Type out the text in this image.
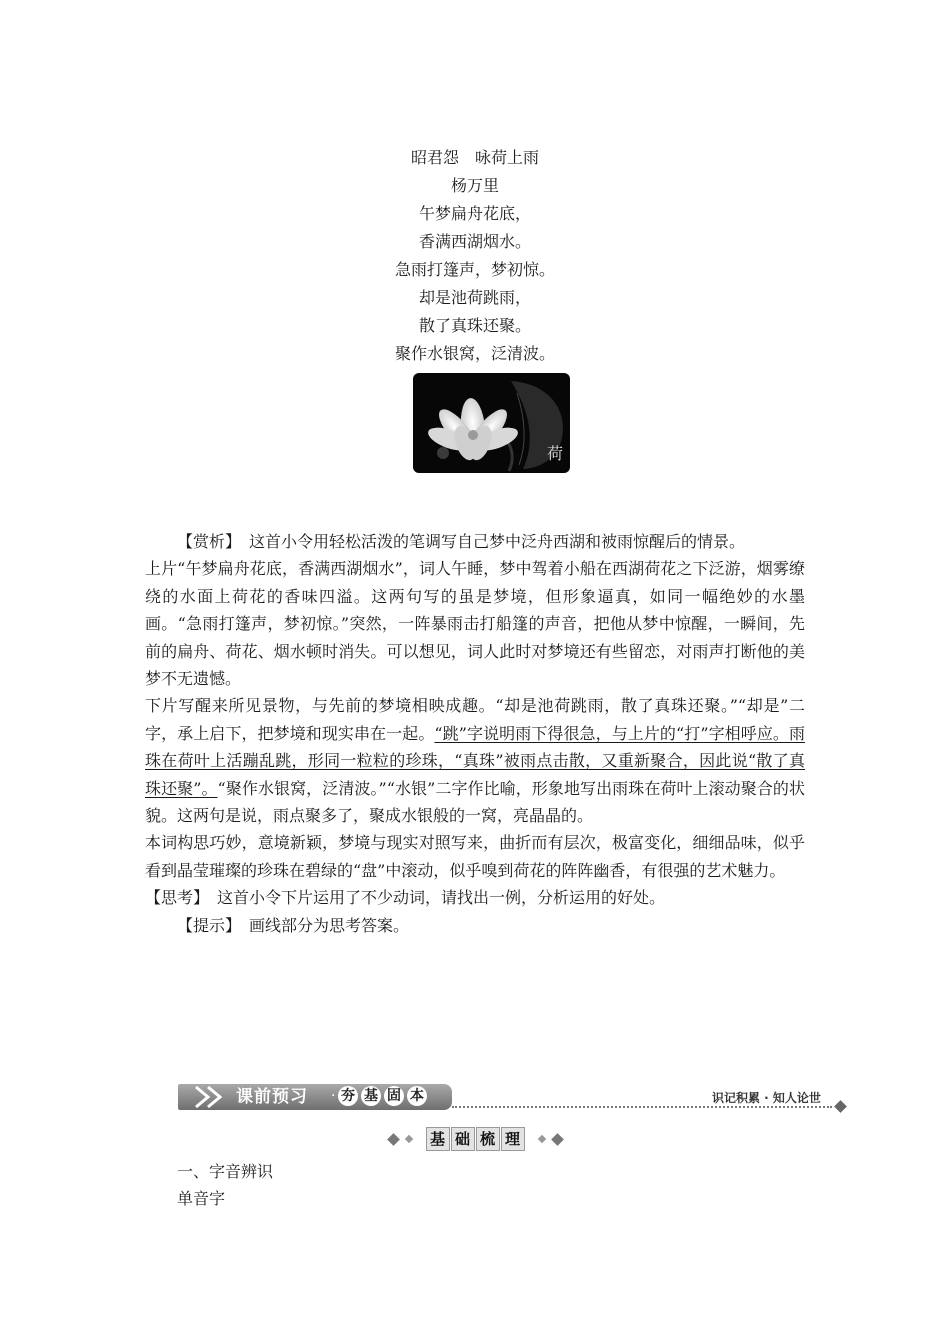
昭君怨　咏荷上雨
杨万里
午梦扁舟花底，
香满西湖烟水。
急雨打篷声，梦初惊。
却是池荷跳雨，
散了真珠还聚。
聚作水银窝，泛清波。
荷

【赏析】　 这首小令用轻松活泼的笔调写自己梦中泛舟西湖和被雨惊醒后的情景。

上片“午梦扁舟花底，香满西湖烟水”，词人午睡，梦中驾着小船在西湖荷花之下泛游，烟雾缭绕的水面上荷花的香味四溢。这两句写的虽是梦境，但形象逼真，如同一幅绝妙的水墨画。“急雨打篷声，梦初惊。”突然，一阵暴雨击打船篷的声音，把他从梦中惊醒，一瞬间，先前的扁舟、荷花、烟水顿时消失。可以想见，词人此时对梦境还有些留恋，对雨声打断他的美梦不无遗憾。

下片写醒来所见景物，与先前的梦境相映成趣。“却是池荷跳雨，散了真珠还聚。”“却是”二字，承上启下，把梦境和现实串在一起。“跳”字说明雨下得很急，与上片的“打”字相呼应。雨珠在荷叶上活蹦乱跳，形同一粒粒的珍珠，“真珠”被雨点击散，又重新聚合，因此说“散了真珠还聚”。“聚作水银窝，泛清波。”“水银”二字作比喻，形象地写出雨珠在荷叶上滚动聚合的状貌。这两句是说，雨点聚多了，聚成水银般的一窝，亮晶晶的。

本词构思巧妙，意境新颖，梦境与现实对照写来，曲折而有层次，极富变化，细细品味，似乎看到晶莹璀璨的珍珠在碧绿的“盘”中滚动，似乎嗅到荷花的阵阵幽香，有很强的艺术魅力。

【思考】　 这首小令下片运用了不少动词，请找出一例，分析运用的好处。

【提示】　 画线部分为思考答案。

课前预习 · 夯 基 固 本	识记积累 · 知人论世
基 础 梳 理
一、字音辨识
单音字
